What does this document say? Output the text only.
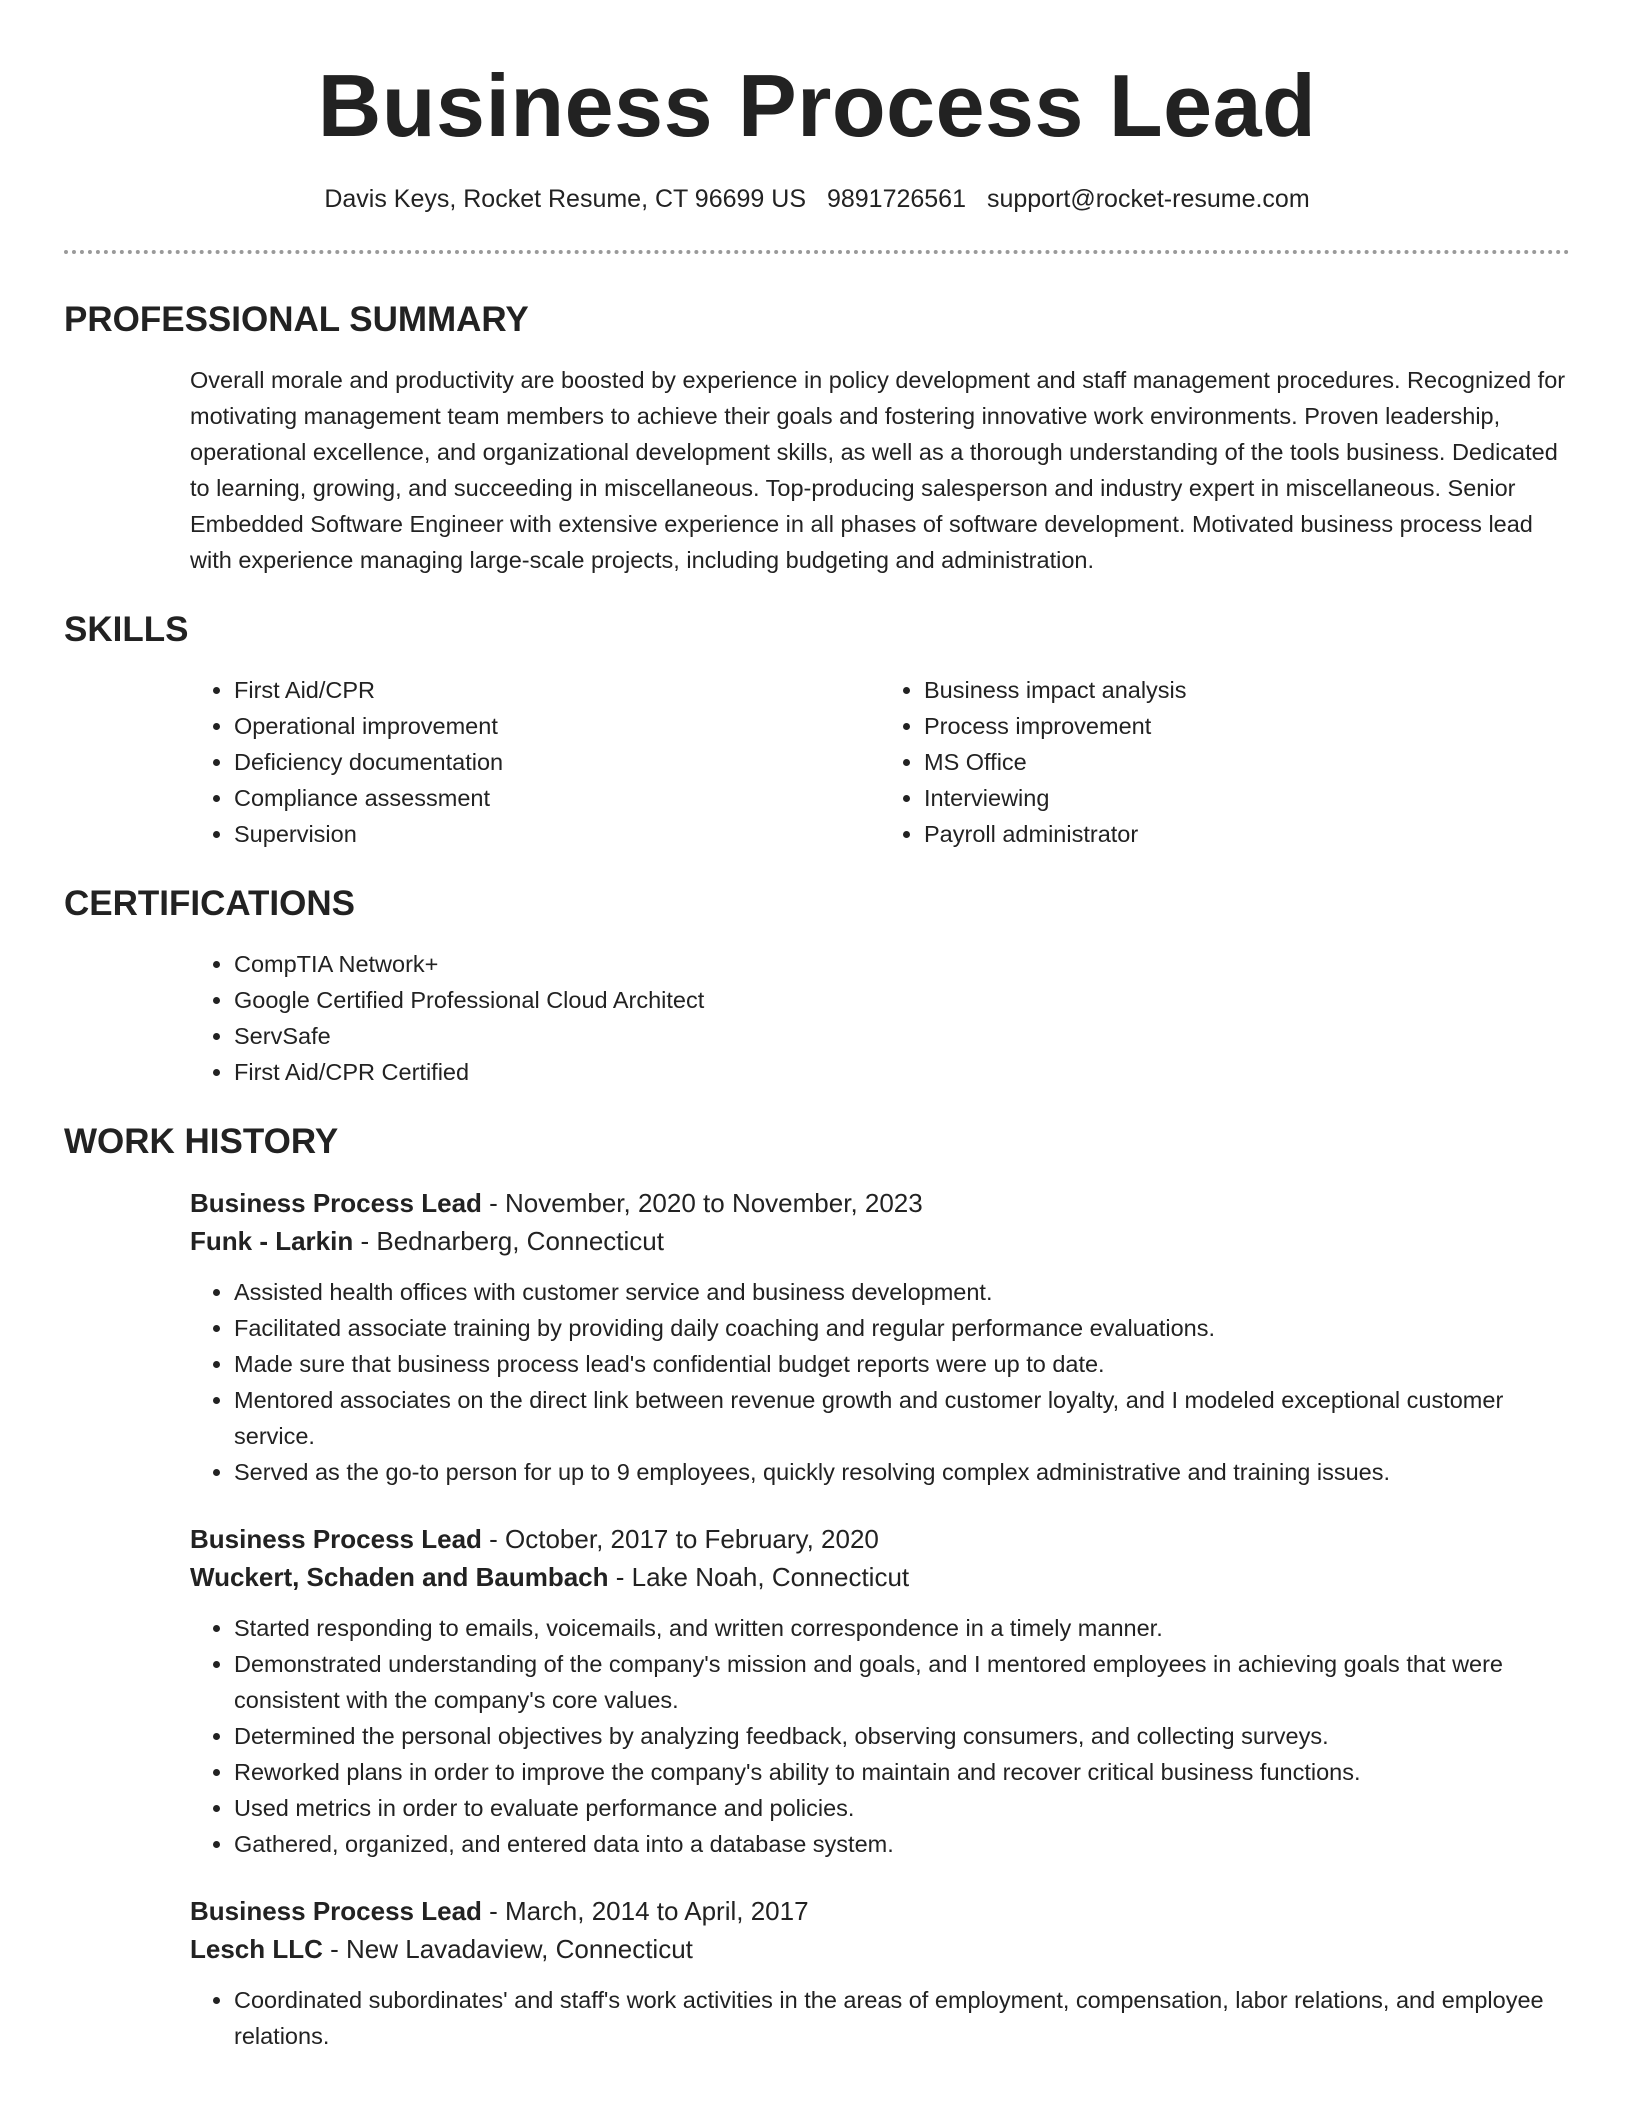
Business Process Lead
Davis Keys, Rocket Resume, CT 96699 US 9891726561 support@rocket-resume.com
PROFESSIONAL SUMMARY

Overall morale and productivity are boosted by experience in policy development and staff management procedures. Recognized for motivating management team members to achieve their goals and fostering innovative work environments. Proven leadership, operational excellence, and organizational development skills, as well as a thorough understanding of the tools business. Dedicated to learning, growing, and succeeding in miscellaneous. Top-producing salesperson and industry expert in miscellaneous. Senior Embedded Software Engineer with extensive experience in all phases of software development. Motivated business process lead with experience managing large-scale projects, including budgeting and administration.

SKILLS
• First Aid/CPR
• Operational improvement
• Deficiency documentation
• Compliance assessment
• Supervision
• Business impact analysis
• Process improvement
• MS Office
• Interviewing
• Payroll administrator
CERTIFICATIONS
• CompTIA Network+
• Google Certified Professional Cloud Architect
• ServSafe
• First Aid/CPR Certified
WORK HISTORY
Business Process Lead - November, 2020 to November, 2023
Funk - Larkin - Bednarberg, Connecticut
• Assisted health offices with customer service and business development.
• Facilitated associate training by providing daily coaching and regular performance evaluations.
• Made sure that business process lead's confidential budget reports were up to date.
• Mentored associates on the direct link between revenue growth and customer loyalty, and I modeled exceptional customer service.
• Served as the go-to person for up to 9 employees, quickly resolving complex administrative and training issues.
Business Process Lead - October, 2017 to February, 2020
Wuckert, Schaden and Baumbach - Lake Noah, Connecticut
• Started responding to emails, voicemails, and written correspondence in a timely manner.
• Demonstrated understanding of the company's mission and goals, and I mentored employees in achieving goals that were consistent with the company's core values.
• Determined the personal objectives by analyzing feedback, observing consumers, and collecting surveys.
• Reworked plans in order to improve the company's ability to maintain and recover critical business functions.
• Used metrics in order to evaluate performance and policies.
• Gathered, organized, and entered data into a database system.
Business Process Lead - March, 2014 to April, 2017
Lesch LLC - New Lavadaview, Connecticut
• Coordinated subordinates' and staff's work activities in the areas of employment, compensation, labor relations, and employee relations.
